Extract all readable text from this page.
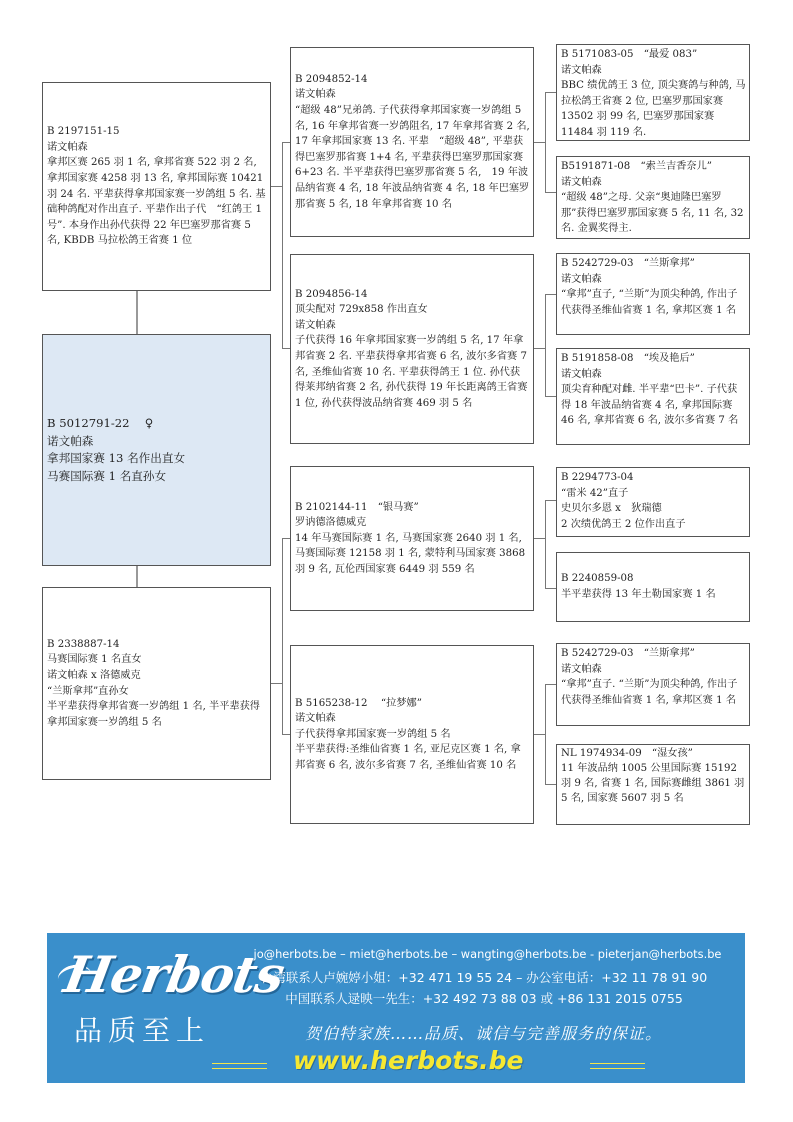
B 2197151-15
诺文帕森
拿邦区赛 265 羽 1 名, 拿邦省赛 522 羽 2 名, 拿邦国家赛 4258 羽 13 名, 拿邦国际赛 10421 羽 24 名. 平辈获得拿邦国家赛一岁鸽组 5 名. 基础种鸽配对作出直子. 平辈作出子代　“红鸽王 1 号”. 本身作出孙代获得 22 年巴塞罗那省赛 5 名, KBDB 马拉松鸽王省赛 1 位
B 5012791-22　 ♀
诺文帕森
拿邦国家赛 13 名作出直女
马赛国际赛 1 名直孙女
B 2338887-14
马赛国际赛 1 名直女
诺文帕森 x 洛德威克
“兰斯拿邦”直孙女
半平辈获得拿邦省赛一岁鸽组 1 名, 半平辈获得拿邦国家赛一岁鸽组 5 名
B 2094852-14
诺文帕森
“超级 48”兄弟鸽. 子代获得拿邦国家赛一岁鸽组 5 名, 16 年拿邦省赛一岁鸽阻名, 17 年拿邦省赛 2 名, 17 年拿邦国家赛 13 名. 平辈　“超级 48”, 平辈获得巴塞罗那省赛 1+4 名, 平辈获得巴塞罗那国家赛 6+23 名. 半平辈获得巴塞罗那省赛 5 名,　19 年波品纳省赛 4 名, 18 年波品纳省赛 4 名, 18 年巴塞罗那省赛 5 名, 18 年拿邦省赛 10 名
B 2094856-14
顶尖配对 729x858 作出直女
诺文帕森
子代获得 16 年拿邦国家赛一岁鸽组 5 名, 17 年拿邦省赛 2 名. 平辈获得拿邦省赛 6 名, 波尔多省赛 7 名, 圣维仙省赛 10 名. 平辈获得鸽王 1 位. 孙代获得莱邦纳省赛 2 名, 孙代获得 19 年长距离鸽王省赛 1 位, 孙代获得波品纳省赛 469 羽 5 名
B 2102144-11　“银马赛”
罗讷德洛德威克
14 年马赛国际赛 1 名, 马赛国家赛 2640 羽 1 名, 马赛国际赛 12158 羽 1 名, 蒙特利马国家赛 3868 羽 9 名, 瓦伦西国家赛 6449 羽 559 名
B 5165238-12　 “拉梦娜”
诺文帕森
子代获得拿邦国家赛一岁鸽组 5 名
半平辈获得:圣维仙省赛 1 名, 亚尼克区赛 1 名, 拿邦省赛 6 名, 波尔多省赛 7 名, 圣维仙省赛 10 名
B 5171083-05　“最爱 083”
诺文帕森
BBC 绩优鸽王 3 位, 顶尖赛鸽与种鸽, 马拉松鸽王省赛 2 位, 巴塞罗那国家赛 13502 羽 99 名, 巴塞罗那国家赛 11484 羽 119 名.
B5191871-08　“索兰吉香奈儿”
诺文帕森
“超级 48”之母. 父亲“奥迪隆巴塞罗那”获得巴塞罗那国家赛 5 名, 11 名, 32 名. 金翼奖得主.
B 5242729-03　“兰斯拿邦”
诺文帕森
“拿邦”直子, “兰斯”为顶尖种鸽, 作出子代获得圣维仙省赛 1 名, 拿邦区赛 1 名
B 5191858-08　“埃及艳后”
诺文帕森
顶尖育种配对雌. 半平辈“巴卡”. 子代获得 18 年波品纳省赛 4 名, 拿邦国际赛 46 名, 拿邦省赛 6 名, 波尔多省赛 7 名
B 2294773-04
“雷米 42”直子
史贝尔多恩 x　狄瑞德
2 次绩优鸽王 2 位作出直子
B 2240859-08
半平辈获得 13 年土勒国家赛 1 名
B 5242729-03　“兰斯拿邦”
诺文帕森
“拿邦”直子. “兰斯”为顶尖种鸽, 作出子代获得圣维仙省赛 1 名, 拿邦区赛 1 名
NL 1974934-09　“湿女孩”
11 年波品纳 1005 公里国际赛 15192 羽 9 名, 省赛 1 名, 国际赛雌组 3861 羽 5 名, 国家赛 5607 羽 5 名
Herbots
品质至上
jo@herbots.be – miet@herbots.be – wangting@herbots.be - pieterjan@herbots.be
台湾联系人卢婉婷小姐：+32 471 19 55 24 – 办公室电话：+32 11 78 91 90
中国联系人逯映一先生：+32 492 73 88 03 或 +86 131 2015 0755
贺伯特家族……品质、诚信与完善服务的保证。
www.herbots.be
